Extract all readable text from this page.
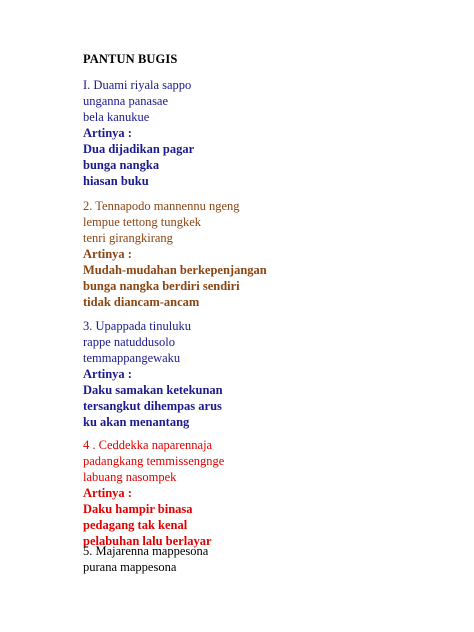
PANTUN BUGIS
I. Duami riyala sappo
unganna panasae
bela kanukue
Artinya :
Dua dijadikan pagar
bunga nangka
hiasan buku
2. Tennapodo mannennu ngeng
lempue tettong tungkek
tenri girangkirang
Artinya :
Mudah-mudahan berkepenjangan
bunga nangka berdiri sendiri
tidak diancam-ancam
3. Upappada tinuluku
rappe natuddusolo
temmappangewaku
Artinya :
Daku samakan ketekunan
tersangkut dihempas arus
ku akan menantang
4 . Ceddekka naparennaja
padangkang temmissengnge
labuang nasompek
Artinya :
Daku hampir binasa
pedagang tak kenal
pelabuhan lalu berlayar
5. Majarenna mappesona
purana mappesona
